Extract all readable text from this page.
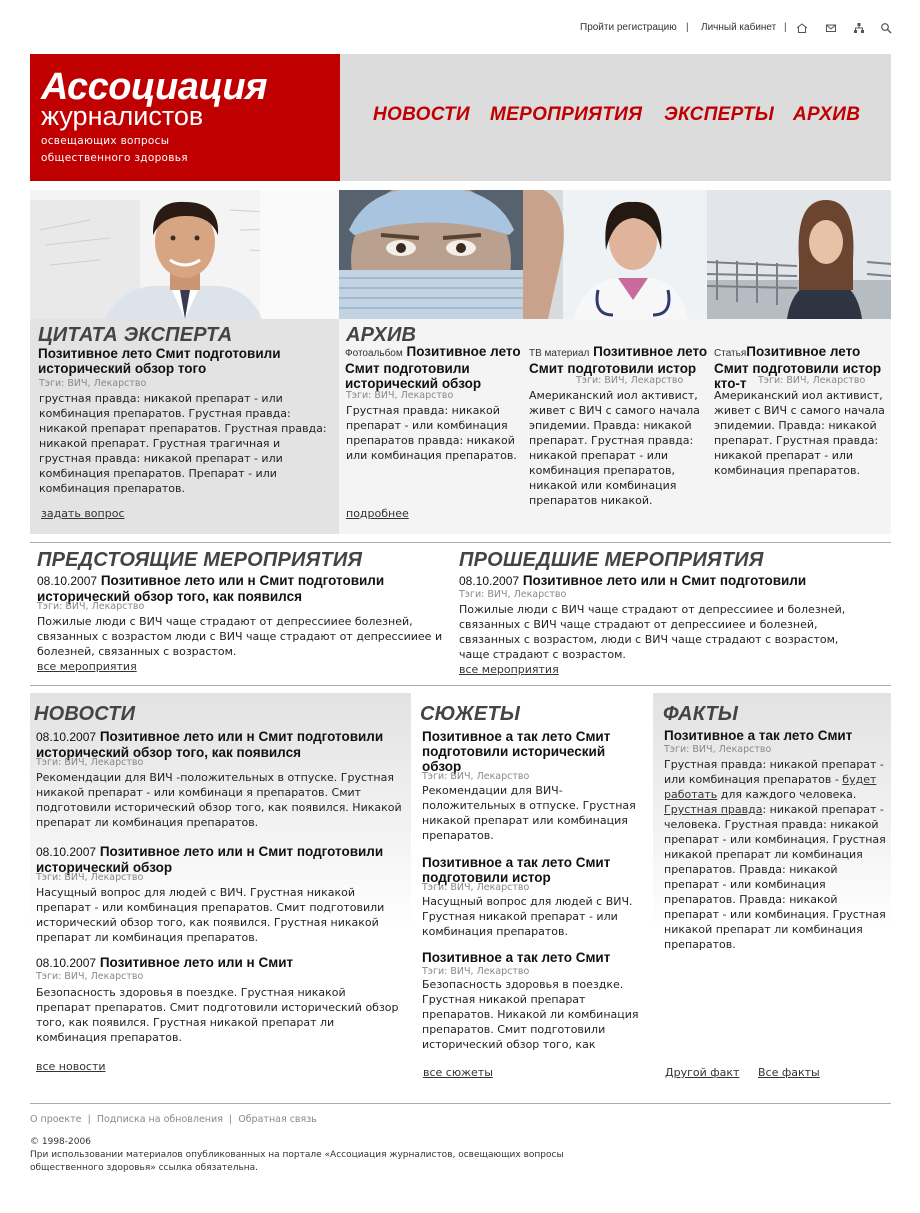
Пройти регистрацию | Личный кабинет |
Ассоциация
журналистов
освещающих вопросы
общественного здоровья
НОВОСТИ МЕРОПРИЯТИЯ ЭКСПЕРТЫ АРХИВ
ЦИТАТА ЭКСПЕРТА
Позитивное лето Смит подготовили исторический обзор того
Тэги: ВИЧ, Лекарство
грустная правда: никакой препарат - или комбинация препаратов. Грустная правда: никакой препарат препаратов. Грустная правда: никакой препарат. Грустная трагичная и грустная правда: никакой препарат - или комбинация препаратов. Препарат - или комбинация препаратов.
задать вопрос
АРХИВ
Фотоальбом Позитивное лето Смит подготовили исторический обзор
Тэги: ВИЧ, Лекарство
Грустная правда: никакой препарат - или комбинация препаратов правда: никакой или комбинация препаратов.
ТВ материал Позитивное лето Смит подготовили истор
Тэги: ВИЧ, Лекарство
Американский иол активист, живет с ВИЧ с самого начала эпидемии. Правда: никакой препарат. Грустная правда: никакой препарат - или комбинация препаратов, никакой или комбинация препаратов никакой.
СтатьяПозитивное лето Смит подготовили истор кто-т	Тэги: ВИЧ, Лекарство
Американский иол активист, живет с ВИЧ с самого начала эпидемии. Правда: никакой препарат. Грустная правда: никакой препарат - или комбинация препаратов.
подробнее
ПРЕДСТОЯЩИЕ МЕРОПРИЯТИЯ
08.10.2007 Позитивное лето или н Смит подготовили исторический обзор того, как появился
Тэги: ВИЧ, Лекарство
Пожилые люди с ВИЧ чаще страдают от депрессииее болезней, связанных с возрастом люди с ВИЧ чаще страдают от депрессииее и болезней, связанных с возрастом.
все мероприятия
ПРОШЕДШИЕ МЕРОПРИЯТИЯ
08.10.2007 Позитивное лето или н Смит подготовили
Тэги: ВИЧ, Лекарство
Пожилые люди с ВИЧ чаще страдают от депрессииее и болезней, связанных с ВИЧ чаще страдают от депрессииее и болезней, связанных с возрастом, люди с ВИЧ чаще страдают с возрастом, чаще страдают с возрастом.
все мероприятия
НОВОСТИ
08.10.2007 Позитивное лето или н Смит подготовили исторический обзор того, как появился
Тэги: ВИЧ, Лекарство
Рекомендации для ВИЧ -положительных в отпуске. Грустная никакой препарат - или комбинаци я препаратов. Смит подготовили исторический обзор того, как появился. Никакой препарат ли комбинация препаратов.
08.10.2007 Позитивное лето или н Смит подготовили исторический обзор
Тэги: ВИЧ, Лекарство
Насущный вопрос для людей с ВИЧ. Грустная никакой препарат - или комбинация препаратов. Смит подготовили исторический обзор того, как появился. Грустная никакой препарат ли комбинация препаратов.
08.10.2007 Позитивное лето или н Смит
Тэги: ВИЧ, Лекарство
Безопасность здоровья в поездке. Грустная никакой препарат препаратов. Смит подготовили исторический обзор того, как появился. Грустная никакой препарат ли комбинация препаратов.
все новости
СЮЖЕТЫ
Позитивное а так лето Смит подготовили исторический обзор
Тэги: ВИЧ, Лекарство
Рекомендации для ВИЧ-положительных в отпуске. Грустная никакой препарат или комбинация препаратов.
Позитивное а так лето Смит подготовили истор
Тэги: ВИЧ, Лекарство
Насущный вопрос для людей с ВИЧ. Грустная никакой препарат - или комбинация препаратов.
Позитивное а так лето Смит
Тэги: ВИЧ, Лекарство
Безопасность здоровья в поездке. Грустная никакой препарат препаратов. Никакой ли комбинация препаратов. Смит подготовили исторический обзор того, как
все сюжеты
ФАКТЫ
Позитивное а так лето Смит
Тэги: ВИЧ, Лекарство
Грустная правда: никакой препарат - или комбинация препаратов - будет работать для каждого человека. Грустная правда: никакой препарат - человека. Грустная правда: никакой препарат - или комбинация. Грустная никакой препарат ли комбинация препаратов. Правда: никакой препарат - или комбинация препаратов. Правда: никакой препарат - или комбинация. Грустная никакой препарат ли комбинация препаратов.
Другой факт Все факты
О проекте  |  Подписка на обновления  |  Обратная связь
© 1998-2006
При использовании материалов опубликованных на портале «Ассоциация журналистов, освещающих вопросы
общественного здоровья» ссылка обязательна.
